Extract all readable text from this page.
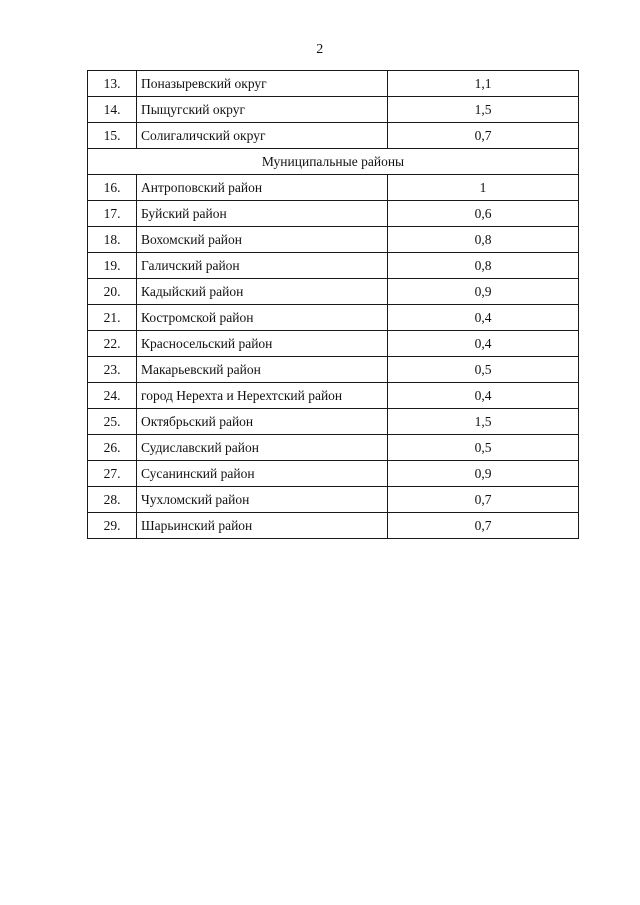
2
13.	Поназыревский округ	1,1
14.	Пыщугский округ	1,5
15.	Солигаличский округ	0,7
Муниципальные районы		
16.	Антроповский район	1
17.	Буйский район	0,6
18.	Вохомский район	0,8
19.	Галичский район	0,8
20.	Кадыйский район	0,9
21.	Костромской район	0,4
22.	Красносельский район	0,4
23.	Макарьевский район	0,5
24.	город Нерехта и Нерехтский район	0,4
25.	Октябрьский район	1,5
26.	Судиславский район	0,5
27.	Сусанинский район	0,9
28.	Чухломский район	0,7
29.	Шарьинский район	0,7
